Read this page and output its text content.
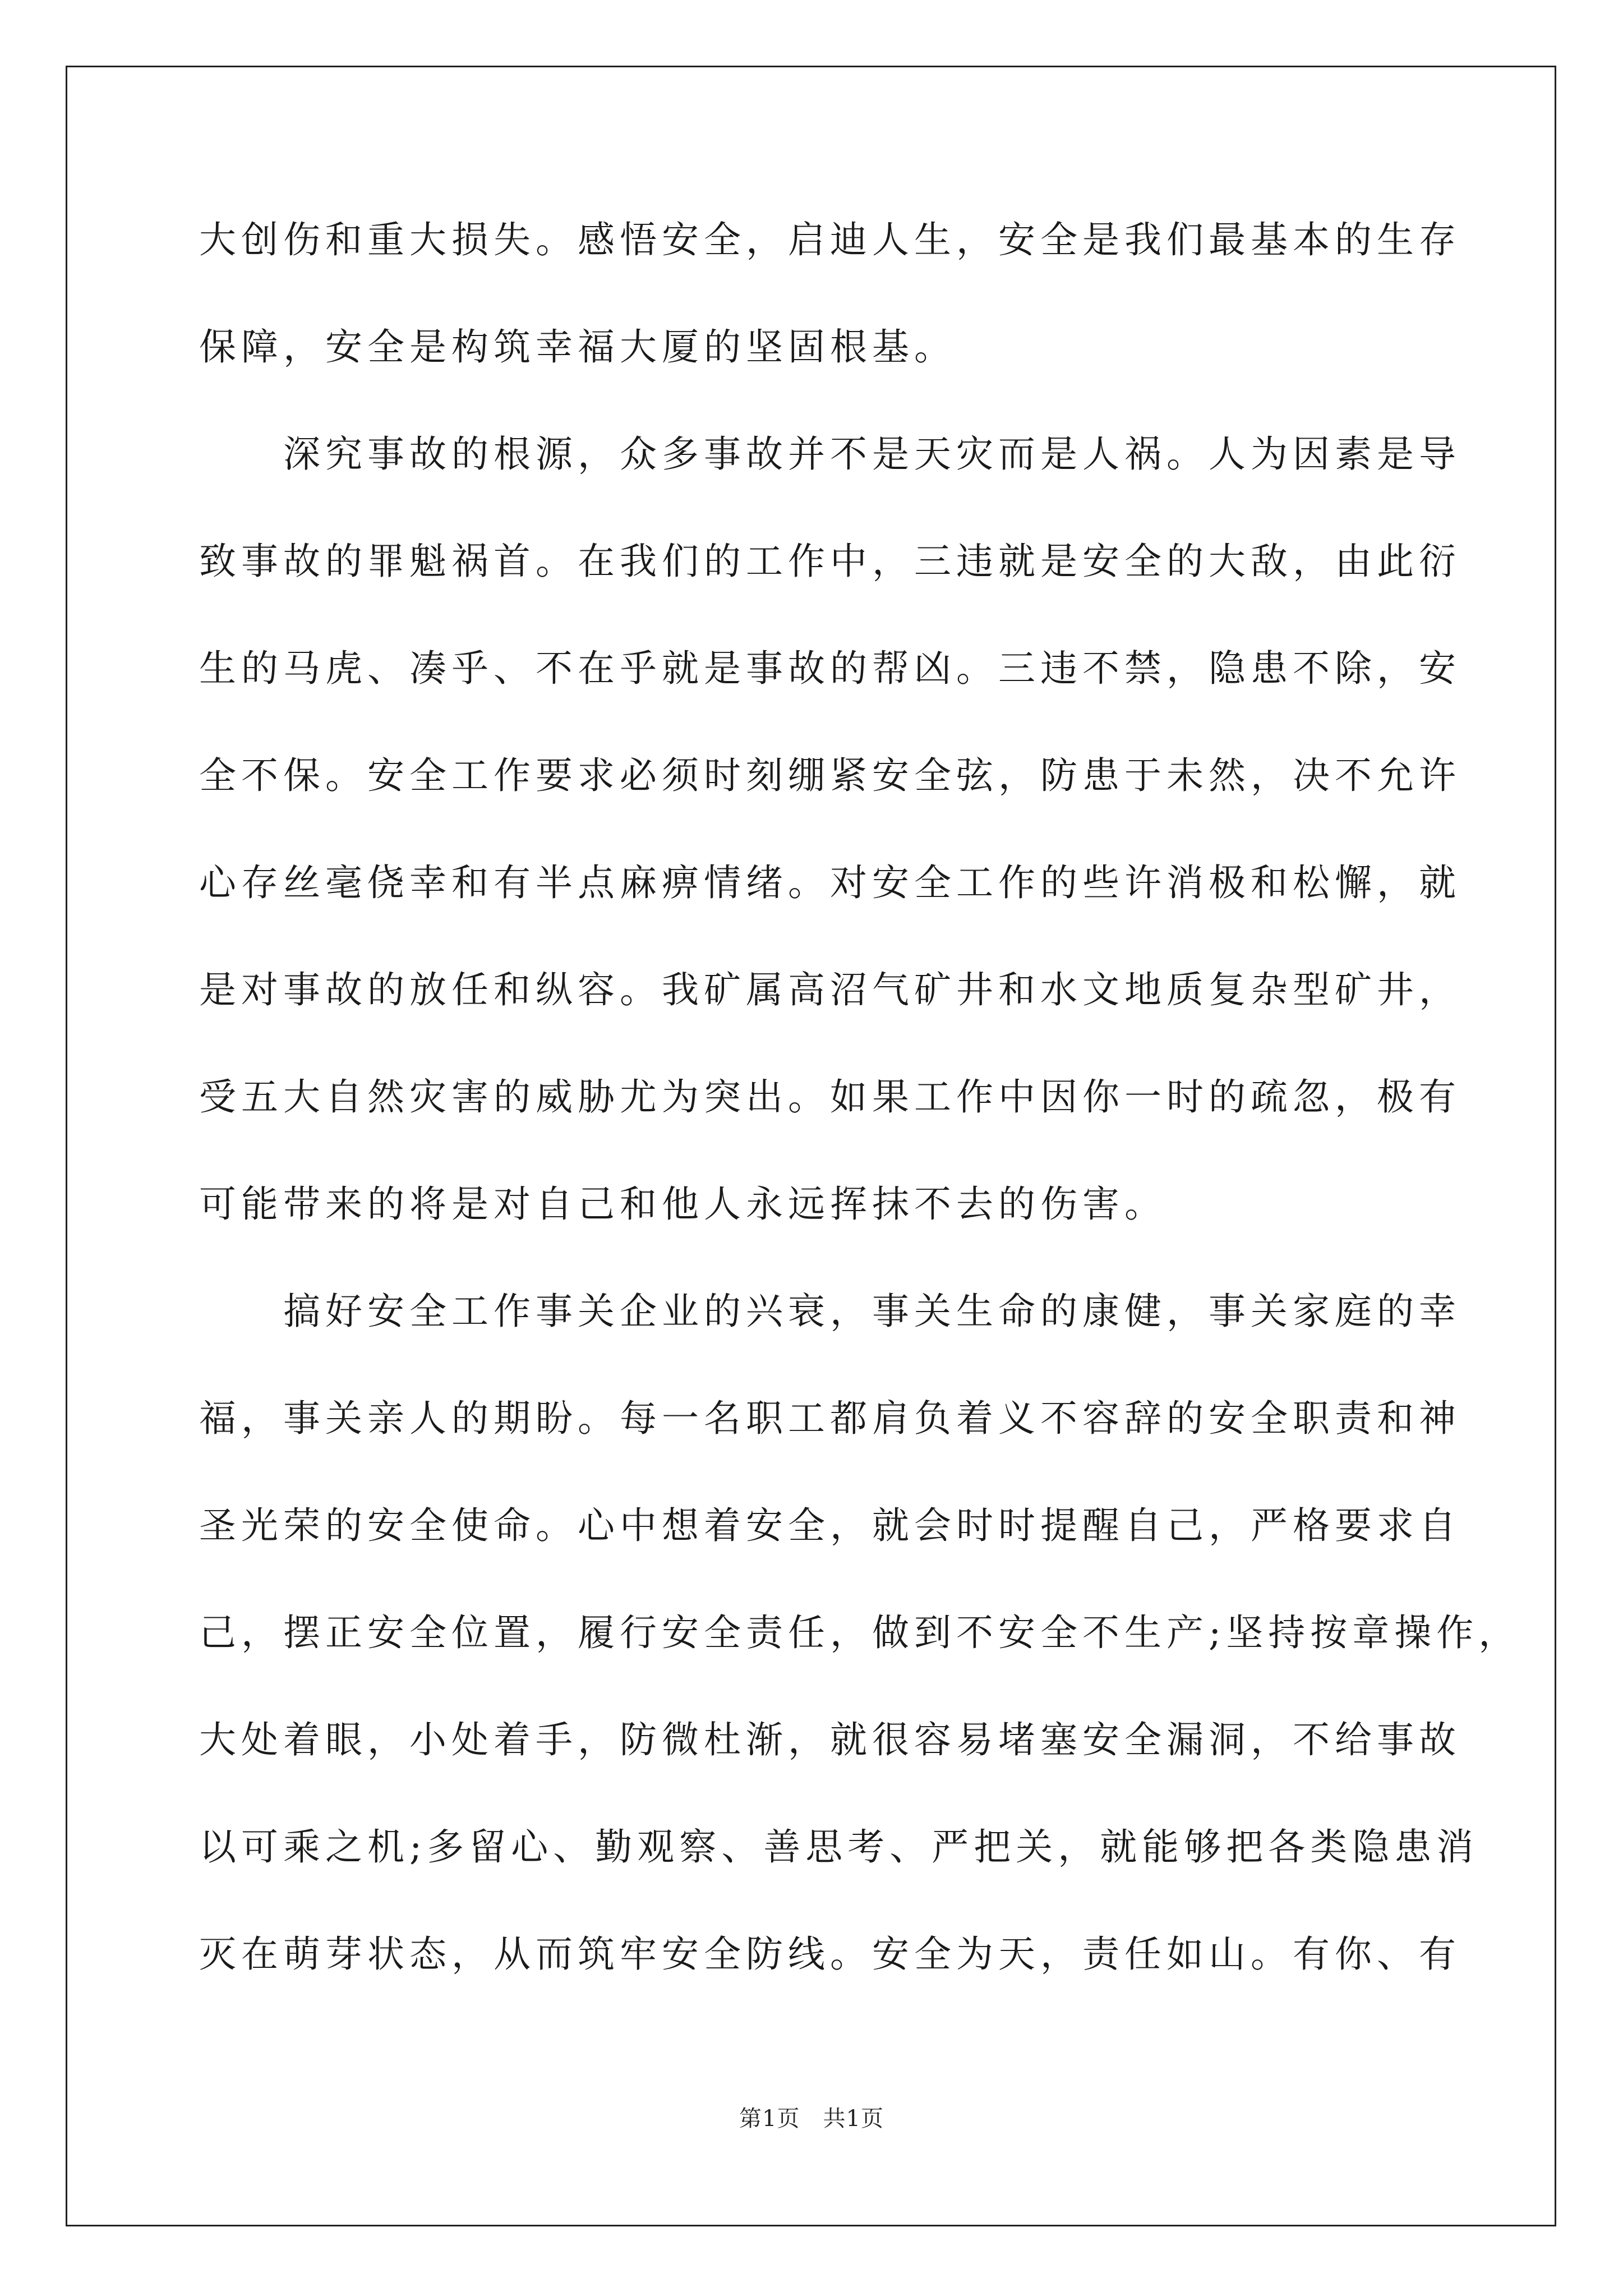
大创伤和重大损失。感悟安全，启迪人生，安全是我们最基本的生存
保障，安全是构筑幸福大厦的坚固根基。
　　深究事故的根源，众多事故并不是天灾而是人祸。人为因素是导
致事故的罪魁祸首。在我们的工作中，三违就是安全的大敌，由此衍
生的马虎、凑乎、不在乎就是事故的帮凶。三违不禁，隐患不除，安
全不保。安全工作要求必须时刻绷紧安全弦，防患于未然，决不允许
心存丝毫侥幸和有半点麻痹情绪。对安全工作的些许消极和松懈，就
是对事故的放任和纵容。我矿属高沼气矿井和水文地质复杂型矿井，
受五大自然灾害的威胁尤为突出。如果工作中因你一时的疏忽，极有
可能带来的将是对自己和他人永远挥抹不去的伤害。
　　搞好安全工作事关企业的兴衰，事关生命的康健，事关家庭的幸
福，事关亲人的期盼。每一名职工都肩负着义不容辞的安全职责和神
圣光荣的安全使命。心中想着安全，就会时时提醒自己，严格要求自
己，摆正安全位置，履行安全责任，做到不安全不生产;坚持按章操作，
大处着眼，小处着手，防微杜渐，就很容易堵塞安全漏洞，不给事故
以可乘之机;多留心、勤观察、善思考、严把关，就能够把各类隐患消
灭在萌芽状态，从而筑牢安全防线。安全为天，责任如山。有你、有
第1页　共1页
